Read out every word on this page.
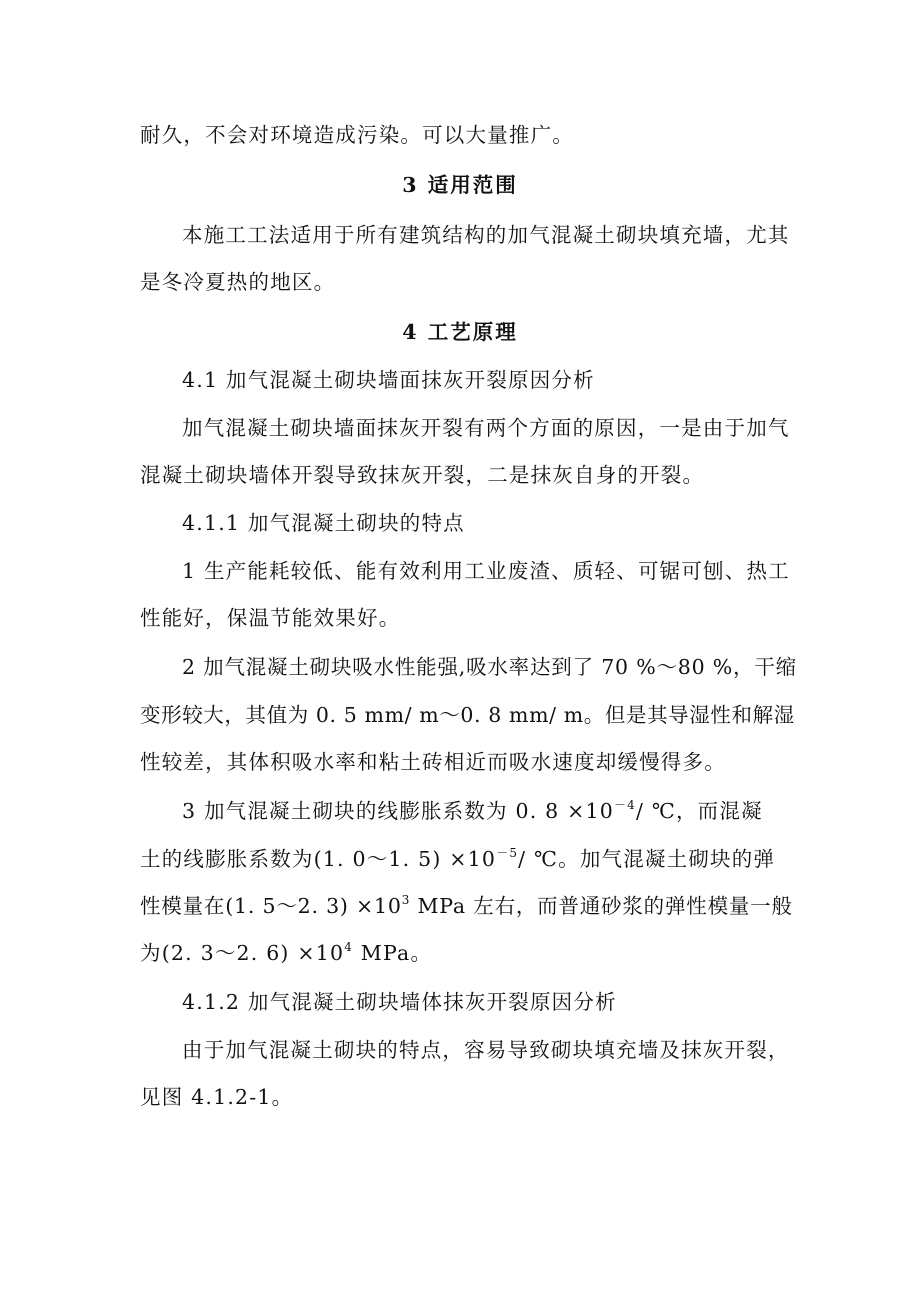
耐久，不会对环境造成污染。可以大量推广。
3 适用范围
本施工工法适用于所有建筑结构的加气混凝土砌块填充墙，尤其
是冬冷夏热的地区。
4 工艺原理
4.1 加气混凝土砌块墙面抹灰开裂原因分析
加气混凝土砌块墙面抹灰开裂有两个方面的原因，一是由于加气
混凝土砌块墙体开裂导致抹灰开裂，二是抹灰自身的开裂。
4.1.1 加气混凝土砌块的特点
1 生产能耗较低、能有效利用工业废渣、质轻、可锯可刨、热工
性能好，保温节能效果好。
2 加气混凝土砌块吸水性能强,吸水率达到了 70 %～80 %，干缩
变形较大，其值为 0. 5 mm/ m～0. 8 mm/ m。但是其导湿性和解湿
性较差，其体积吸水率和粘土砖相近而吸水速度却缓慢得多。
3 加气混凝土砌块的线膨胀系数为 0. $8 \times 10^{-4}/$ ℃，而混凝
土的线膨胀系数为(1. 0～1. $5) \times 10^{-5}/$ ℃。加气混凝土砌块的弹
性模量在(1. 5～2. $3) \times 10^3$ MPa 左右，而普通砂浆的弹性模量一般
为(2. 3～2. $6) \times 10^4$ MPa。
4.1.2 加气混凝土砌块墙体抹灰开裂原因分析
由于加气混凝土砌块的特点，容易导致砌块填充墙及抹灰开裂，
见图 4.1.2-1。
